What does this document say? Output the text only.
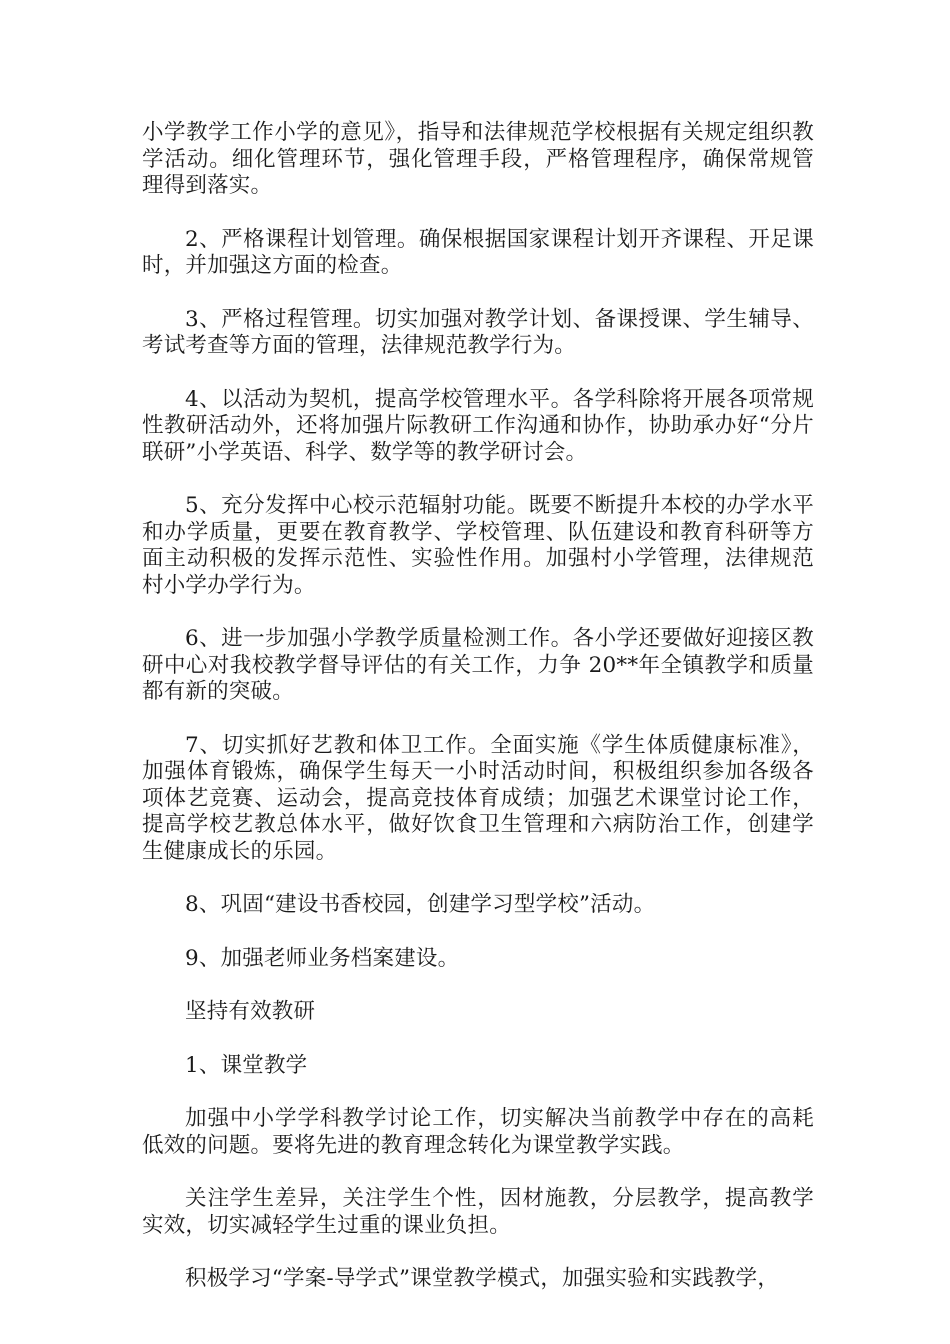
小学教学工作小学的意见》，指导和法律规范学校根据有关规定组织教学活动。细化管理环节，强化管理手段，严格管理程序，确保常规管理得到落实。

2、严格课程计划管理。确保根据国家课程计划开齐课程、开足课时，并加强这方面的检查。

3、严格过程管理。切实加强对教学计划、备课授课、学生辅导、考试考查等方面的管理，法律规范教学行为。

4、以活动为契机，提高学校管理水平。各学科除将开展各项常规性教研活动外，还将加强片际教研工作沟通和协作，协助承办好“分片联研”小学英语、科学、数学等的教学研讨会。

5、充分发挥中心校示范辐射功能。既要不断提升本校的办学水平和办学质量，更要在教育教学、学校管理、队伍建设和教育科研等方面主动积极的发挥示范性、实验性作用。加强村小学管理，法律规范村小学办学行为。

6、进一步加强小学教学质量检测工作。各小学还要做好迎接区教研中心对我校教学督导评估的有关工作，力争 20**年全镇教学和质量都有新的突破。

7、切实抓好艺教和体卫工作。全面实施《学生体质健康标准》，加强体育锻炼，确保学生每天一小时活动时间，积极组织参加各级各项体艺竞赛、运动会，提高竞技体育成绩；加强艺术课堂讨论工作，提高学校艺教总体水平，做好饮食卫生管理和六病防治工作，创建学生健康成长的乐园。

8、巩固“建设书香校园，创建学习型学校”活动。

9、加强老师业务档案建设。

坚持有效教研

1、课堂教学

加强中小学学科教学讨论工作，切实解决当前教学中存在的高耗低效的问题。要将先进的教育理念转化为课堂教学实践。

关注学生差异，关注学生个性，因材施教，分层教学，提高教学实效，切实减轻学生过重的课业负担。

积极学习“学案-导学式”课堂教学模式，加强实验和实践教学，
